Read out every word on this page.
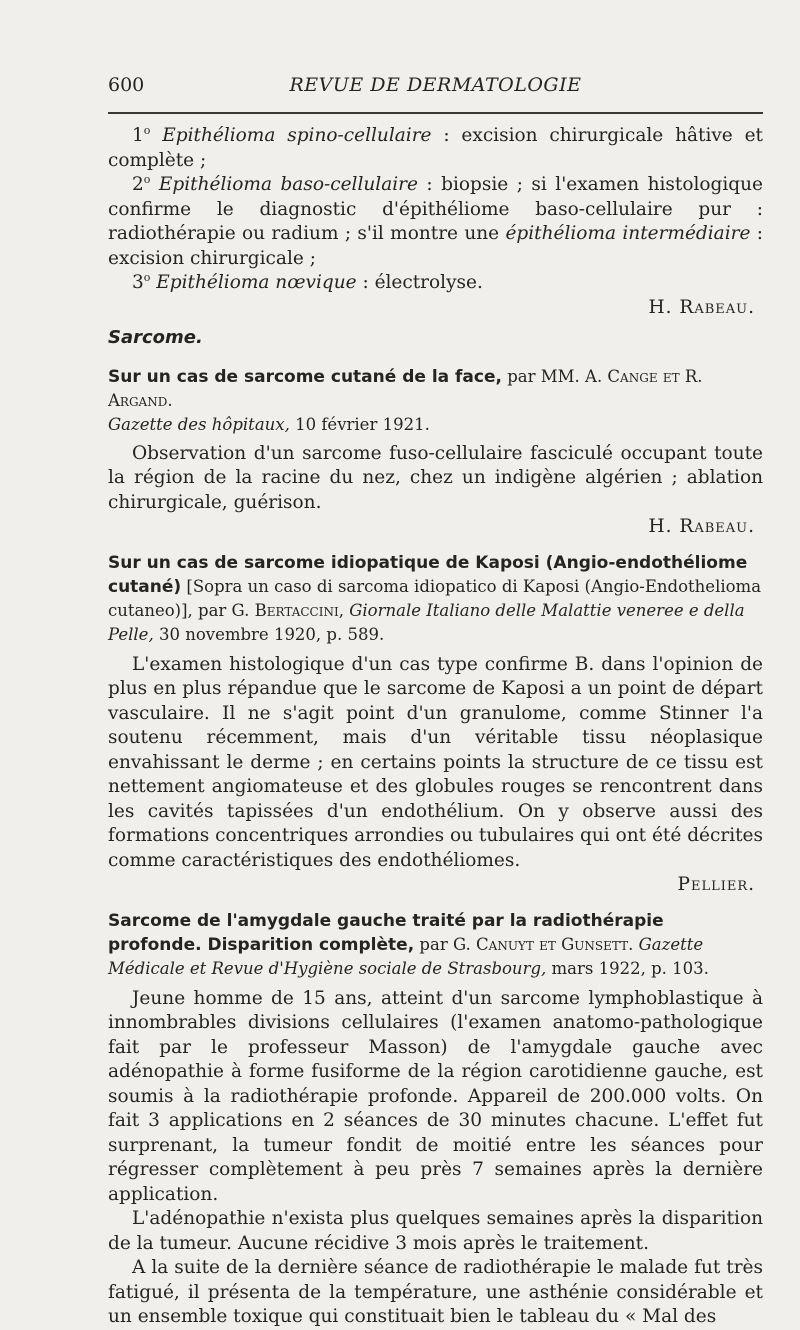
600	REVUE DE DERMATOLOGIE

1$^o$ Epithélioma spino-cellulaire : excision chirurgicale hâtive et complète ;

2$^o$ Epithélioma baso-cellulaire : biopsie ; si l'examen histologique confirme le diagnostic d'épithéliome baso-cellulaire pur : radiothérapie ou radium ; s'il montre une épithélioma intermédiaire : excision chirurgicale ;

3$^o$ Epithélioma nœvique : électrolyse.

H. Rabeau.

Sarcome.
Sur un cas de sarcome cutané de la face, par MM. A. Cange et R. Argand.
Gazette des hôpitaux, 10 février 1921.

Observation d'un sarcome fuso-cellulaire fasciculé occupant toute la région de la racine du nez, chez un indigène algérien ; ablation chirurgicale, guérison.

H. Rabeau.

Sur un cas de sarcome idiopatique de Kaposi (Angio-endothéliome cutané) [Sopra un caso di sarcoma idiopatico di Kaposi (Angio-Endothelioma cutaneo)], par G. Bertaccini, Giornale Italiano delle Malattie veneree e della Pelle, 30 novembre 1920, p. 589.

L'examen histologique d'un cas type confirme B. dans l'opinion de plus en plus répandue que le sarcome de Kaposi a un point de départ vasculaire. Il ne s'agit point d'un granulome, comme Stinner l'a soutenu récemment, mais d'un véritable tissu néoplasique envahissant le derme ; en certains points la structure de ce tissu est nettement angiomateuse et des globules rouges se rencontrent dans les cavités tapissées d'un endothélium. On y observe aussi des formations concentriques arrondies ou tubulaires qui ont été décrites comme caractéristiques des endothéliomes.

Pellier.

Sarcome de l'amygdale gauche traité par la radiothérapie profonde. Disparition complète, par G. Canuyt et Gunsett. Gazette Médicale et Revue d'Hygiène sociale de Strasbourg, mars 1922, p. 103.

Jeune homme de 15 ans, atteint d'un sarcome lymphoblastique à innombrables divisions cellulaires (l'examen anatomo-pathologique fait par le professeur Masson) de l'amygdale gauche avec adénopathie à forme fusiforme de la région carotidienne gauche, est soumis à la radiothérapie profonde. Appareil de 200.000 volts. On fait 3 applications en 2 séances de 30 minutes chacune. L'effet fut surprenant, la tumeur fondit de moitié entre les séances pour régresser complètement à peu près 7 semaines après la dernière application.

L'adénopathie n'exista plus quelques semaines après la disparition de la tumeur. Aucune récidive 3 mois après le traitement.

A la suite de la dernière séance de radiothérapie le malade fut très fatigué, il présenta de la température, une asthénie considérable et un ensemble toxique qui constituait bien le tableau du « Mal des
